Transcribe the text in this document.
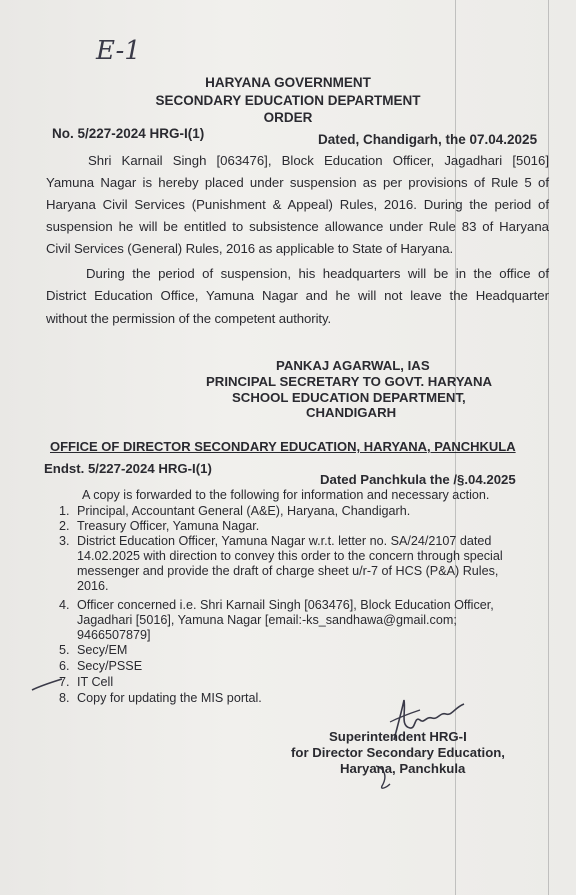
E-1
HARYANA GOVERNMENT
SECONDARY EDUCATION DEPARTMENT
ORDER
No. 5/227-2024 HRG-I(1)	Dated, Chandigarh, the 07.04.2025
Shri Karnail Singh [063476], Block Education Officer, Jagadhari [5016]
Yamuna Nagar is hereby placed under suspension as per provisions of Rule 5 of
Haryana Civil Services (Punishment & Appeal) Rules, 2016. During the period of
suspension he will be entitled to subsistence allowance under Rule 83 of Haryana
Civil Services (General) Rules, 2016 as applicable to State of Haryana.
During the period of suspension, his headquarters will be in the office of
District Education Office, Yamuna Nagar and he will not leave the Headquarter
without the permission of the competent authority.
PANKAJ AGARWAL, IAS
PRINCIPAL SECRETARY TO GOVT. HARYANA
SCHOOL EDUCATION DEPARTMENT,
CHANDIGARH
OFFICE OF DIRECTOR SECONDARY EDUCATION, HARYANA, PANCHKULA
Endst. 5/227-2024 HRG-I(1)
Dated Panchkula the /§.04.2025
A copy is forwarded to the following for information and necessary action.
1. Principal, Accountant General (A&E), Haryana, Chandigarh.
2. Treasury Officer, Yamuna Nagar.
3. District Education Officer, Yamuna Nagar w.r.t. letter no. SA/24/2107 dated
14.02.2025 with direction to convey this order to the concern through special
messenger and provide the draft of charge sheet u/r-7 of HCS (P&A) Rules,
2016.
4. Officer concerned i.e. Shri Karnail Singh [063476], Block Education Officer,
Jagadhari [5016], Yamuna Nagar [email:-ks_sandhawa@gmail.com;
9466507879]
5. Secy/EM
6. Secy/PSSE
7. IT Cell
8. Copy for updating the MIS portal.
Superintendent HRG-I
for Director Secondary Education,
Haryana, Panchkula
